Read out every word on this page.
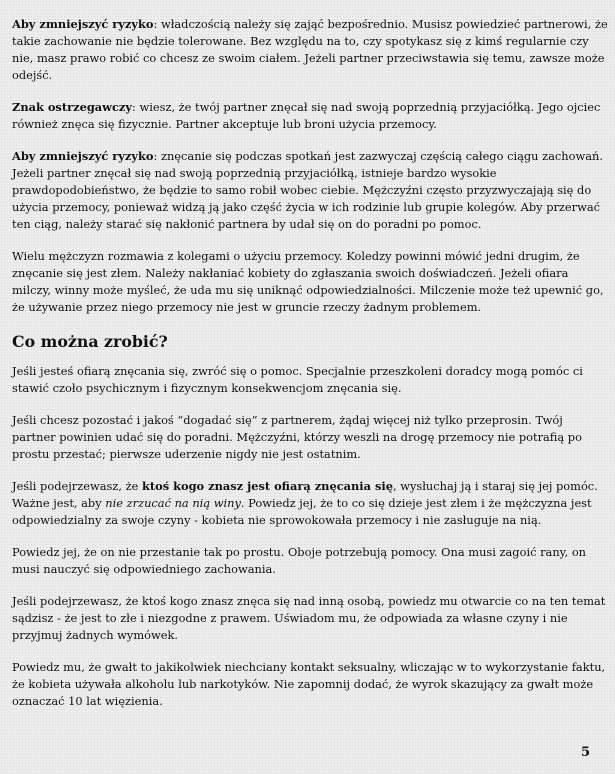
Aby zmniejszyć ryzyko: władczością należy się zająć bezpośrednio. Musisz powiedzieć partnerowi, że takie zachowanie nie będzie tolerowane. Bez względu na to, czy spotykasz się z kimś regularnie czy nie, masz prawo robić co chcesz ze swoim ciałem. Jeżeli partner przeciwstawia się temu, zawsze może odejść.

Znak ostrzegawczy: wiesz, że twój partner znęcał się nad swoją poprzednią przyjaciółką. Jego ojciec również znęca się fizycznie. Partner akceptuje lub broni użycia przemocy.

Aby zmniejszyć ryzyko: znęcanie się podczas spotkań jest zazwyczaj częścią całego ciągu zachowań. Jeżeli partner znęcał się nad swoją poprzednią przyjaciółką, istnieje bardzo wysokie prawdopodobieństwo, że będzie to samo robił wobec ciebie. Mężczyźni często przyzwyczajają się do użycia przemocy, ponieważ widzą ją jako część życia w ich rodzinie lub grupie kolegów. Aby przerwać ten ciąg, należy starać się nakłonić partnera by udał się on do poradni po pomoc.

Wielu mężczyzn rozmawia z kolegami o użyciu przemocy. Koledzy powinni mówić jedni drugim, że znęcanie się jest złem. Należy nakłaniać kobiety do zgłaszania swoich doświadczeń. Jeżeli ofiara milczy, winny może myśleć, że uda mu się uniknąć odpowiedzialności. Milczenie może też upewnić go, że używanie przez niego przemocy nie jest w gruncie rzeczy żadnym problemem.

Co można zrobić?

Jeśli jesteś ofiarą znęcania się, zwróć się o pomoc. Specjalnie przeszkoleni doradcy mogą pomóc ci stawić czoło psychicznym i fizycznym konsekwencjom znęcania się.

Jeśli chcesz pozostać i jakoś “dogadać się” z partnerem, żądaj więcej niż tylko przeprosin. Twój partner powinien udać się do poradni. Mężczyźni, którzy weszli na drogę przemocy nie potrafią po prostu przestać; pierwsze uderzenie nigdy nie jest ostatnim.

Jeśli podejrzewasz, że ktoś kogo znasz jest ofiarą znęcania się, wysłuchaj ją i staraj się jej pomóc. Ważne jest, aby nie zrzucać na nią winy. Powiedz jej, że to co się dzieje jest złem i że mężczyzna jest odpowiedzialny za swoje czyny - kobieta nie sprowokowała przemocy i nie zasługuje na nią.

Powiedz jej, że on nie przestanie tak po prostu. Oboje potrzebują pomocy. Ona musi zagoić rany, on musi nauczyć się odpowiedniego zachowania.

Jeśli podejrzewasz, że ktoś kogo znasz znęca się nad inną osobą, powiedz mu otwarcie co na ten temat sądzisz - że jest to złe i niezgodne z prawem. Uświadom mu, że odpowiada za własne czyny i nie przyjmuj żadnych wymówek.

Powiedz mu, że gwałt to jakikolwiek niechciany kontakt seksualny, wliczając w to wykorzystanie faktu, że kobieta używała alkoholu lub narkotyków. Nie zapomnij dodać, że wyrok skazujący za gwałt może oznaczać 10 lat więzienia.

5
